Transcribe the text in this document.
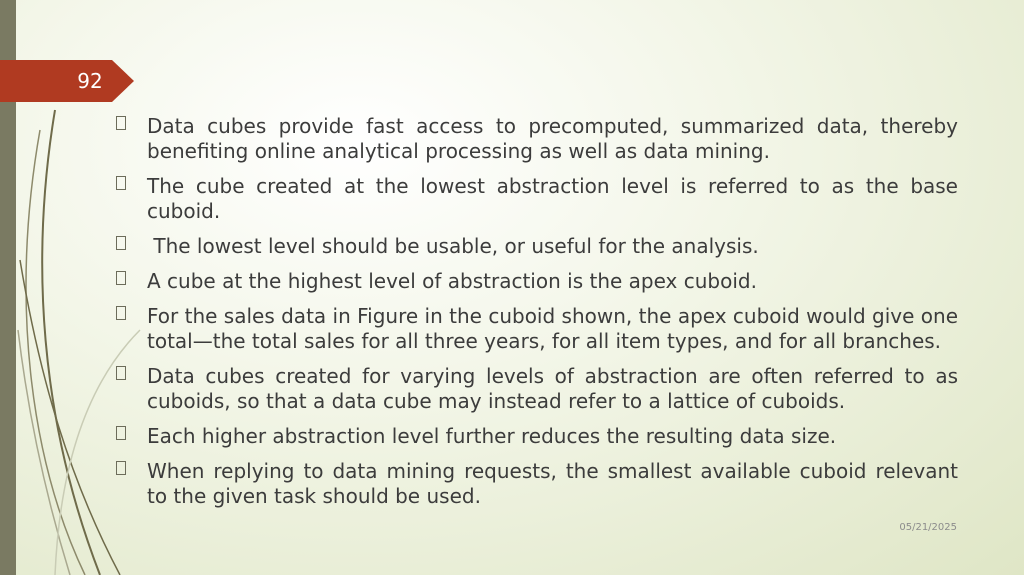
92
Data cubes provide fast access to precomputed, summarized data, thereby benefiting online analytical processing as well as data mining.
The cube created at the lowest abstraction level is referred to as the base cuboid.
The lowest level should be usable, or useful for the analysis.
A cube at the highest level of abstraction is the apex cuboid.
For the sales data in Figure in the cuboid shown, the apex cuboid would give one total—the total sales for all three years, for all item types, and for all branches.
Data cubes created for varying levels of abstraction are often referred to as cuboids, so that a data cube may instead refer to a lattice of cuboids.
Each higher abstraction level further reduces the resulting data size.
When replying to data mining requests, the smallest available cuboid relevant to the given task should be used.
05/21/2025
